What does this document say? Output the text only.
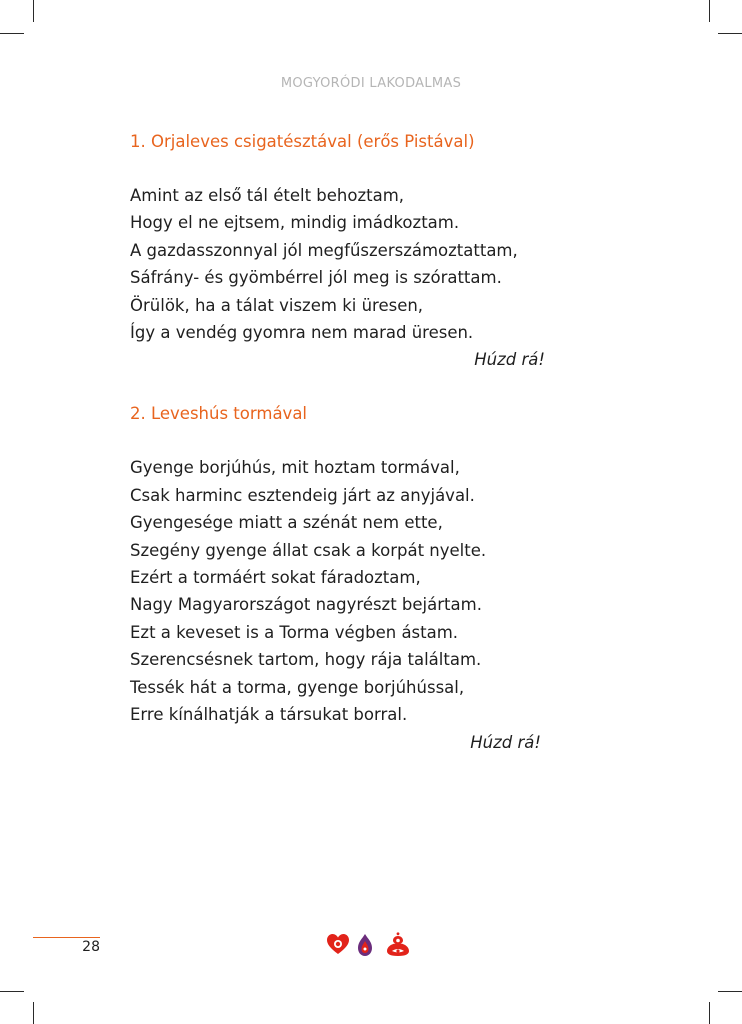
MOGYORÓDI LAKODALMAS

1. Orjaleves csigatésztával (erős Pistával)

Amint az első tál ételt behoztam,
Hogy el ne ejtsem, mindig imádkoztam.
A gazdasszonnyal jól megfűszerszámoztattam,
Sáfrány- és gyömbérrel jól meg is szórattam.
Örülök, ha a tálat viszem ki üresen,
Így a vendég gyomra nem marad üresen.
Húzd rá!

2. Leveshús tormával

Gyenge borjúhús, mit hoztam tormával,
Csak harminc esztendeig járt az anyjával.
Gyengesége miatt a szénát nem ette,
Szegény gyenge állat csak a korpát nyelte.
Ezért a tormáért sokat fáradoztam,
Nagy Magyarországot nagyrészt bejártam.
Ezt a keveset is a Torma végben ástam.
Szerencsésnek tartom, hogy rája találtam.
Tessék hát a torma, gyenge borjúhússal,
Erre kínálhatják a társukat borral.
Húzd rá!
28
